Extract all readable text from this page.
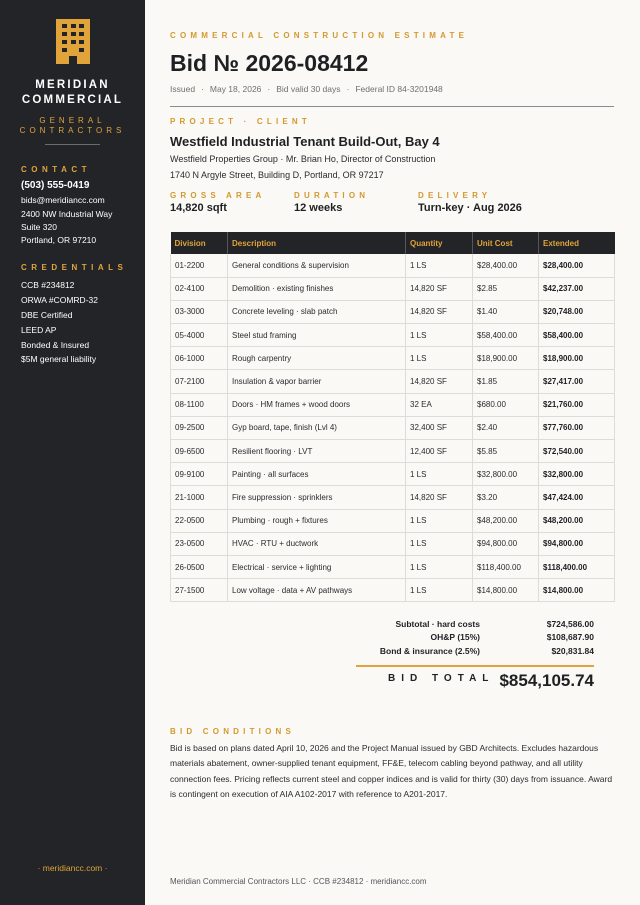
MERIDIAN
COMMERCIAL
GENERAL
CONTRACTORS
CONTACT
(503) 555-0419
bids@meridiancc.com
2400 NW Industrial Way
Suite 320
Portland, OR 97210
CREDENTIALS
CCB #234812
ORWA #COMRD-32
DBE Certified
LEED AP
Bonded & Insured
$5M general liability
· meridiancc.com ·
COMMERCIAL CONSTRUCTION ESTIMATE
Bid № 2026-08412
Issued · May 18, 2026 · Bid valid 30 days · Federal ID 84-3201948
PROJECT · CLIENT
Westfield Industrial Tenant Build-Out, Bay 4
Westfield Properties Group · Mr. Brian Ho, Director of Construction
1740 N Argyle Street, Building D, Portland, OR 97217
GROSS AREA
14,820 sqft
DURATION
12 weeks
DELIVERY
Turn-key · Aug 2026
Division	Description	Quantity	Unit Cost	Extended
01-2200	General conditions & supervision	1 LS	$28,400.00	$28,400.00
02-4100	Demolition · existing finishes	14,820 SF	$2.85	$42,237.00
03-3000	Concrete leveling · slab patch	14,820 SF	$1.40	$20,748.00
05-4000	Steel stud framing	1 LS	$58,400.00	$58,400.00
06-1000	Rough carpentry	1 LS	$18,900.00	$18,900.00
07-2100	Insulation & vapor barrier	14,820 SF	$1.85	$27,417.00
08-1100	Doors · HM frames + wood doors	32 EA	$680.00	$21,760.00
09-2500	Gyp board, tape, finish (Lvl 4)	32,400 SF	$2.40	$77,760.00
09-6500	Resilient flooring · LVT	12,400 SF	$5.85	$72,540.00
09-9100	Painting · all surfaces	1 LS	$32,800.00	$32,800.00
21-1000	Fire suppression · sprinklers	14,820 SF	$3.20	$47,424.00
22-0500	Plumbing · rough + fixtures	1 LS	$48,200.00	$48,200.00
23-0500	HVAC · RTU + ductwork	1 LS	$94,800.00	$94,800.00
26-0500	Electrical · service + lighting	1 LS	$118,400.00	$118,400.00
27-1500	Low voltage · data + AV pathways	1 LS	$14,800.00	$14,800.00
Subtotal · hard costs	$724,586.00
OH&P (15%)	$108,687.90
Bond & insurance (2.5%)	$20,831.84
BID TOTAL $854,105.74
BID CONDITIONS
Bid is based on plans dated April 10, 2026 and the Project Manual issued by GBD Architects. Excludes hazardous materials abatement, owner-supplied tenant equipment, FF&E, telecom cabling beyond pathway, and all utility connection fees. Pricing reflects current steel and copper indices and is valid for thirty (30) days from issuance. Award is contingent on execution of AIA A102-2017 with reference to A201-2017.
Meridian Commercial Contractors LLC · CCB #234812 · meridiancc.com
